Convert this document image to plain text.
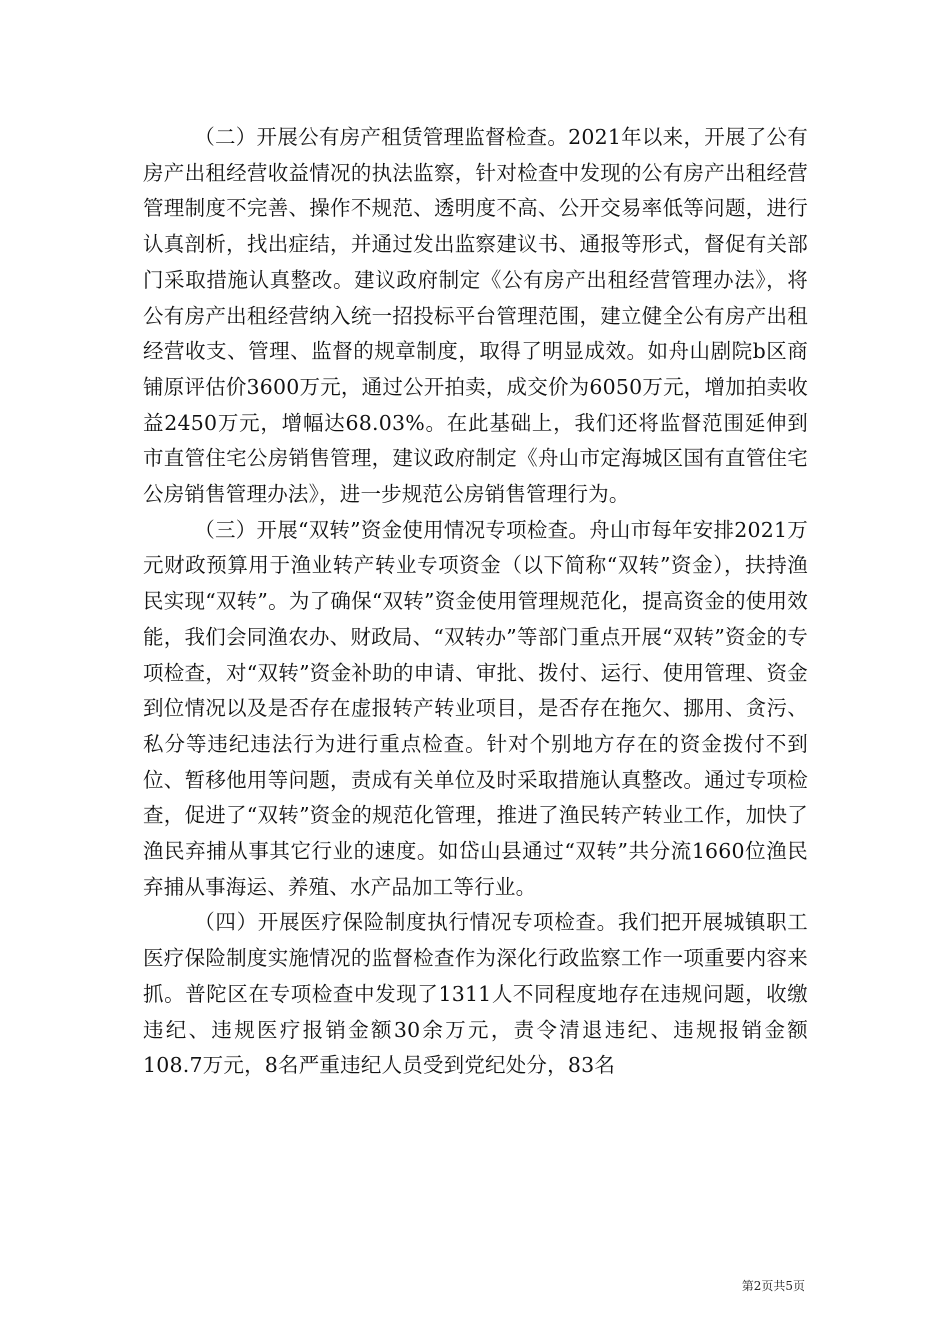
（二）开展公有房产租赁管理监督检查。2021年以来，开展了公有房产出租经营收益情况的执法监察，针对检查中发现的公有房产出租经营管理制度不完善、操作不规范、透明度不高、公开交易率低等问题，进行认真剖析，找出症结，并通过发出监察建议书、通报等形式，督促有关部门采取措施认真整改。建议政府制定《公有房产出租经营管理办法》，将公有房产出租经营纳入统一招投标平台管理范围，建立健全公有房产出租经营收支、管理、监督的规章制度，取得了明显成效。如舟山剧院b区商铺原评估价3600万元，通过公开拍卖，成交价为6050万元，增加拍卖收益2450万元，增幅达68.03%。在此基础上，我们还将监督范围延伸到市直管住宅公房销售管理，建议政府制定《舟山市定海城区国有直管住宅公房销售管理办法》，进一步规范公房销售管理行为。

（三）开展“双转”资金使用情况专项检查。舟山市每年安排2021万元财政预算用于渔业转产转业专项资金（以下简称“双转”资金），扶持渔民实现“双转”。为了确保“双转”资金使用管理规范化，提高资金的使用效能，我们会同渔农办、财政局、“双转办”等部门重点开展“双转”资金的专项检查，对“双转”资金补助的申请、审批、拨付、运行、使用管理、资金到位情况以及是否存在虚报转产转业项目，是否存在拖欠、挪用、贪污、私分等违纪违法行为进行重点检查。针对个别地方存在的资金拨付不到位、暂移他用等问题，责成有关单位及时采取措施认真整改。通过专项检查，促进了“双转”资金的规范化管理，推进了渔民转产转业工作，加快了渔民弃捕从事其它行业的速度。如岱山县通过“双转”共分流1660位渔民弃捕从事海运、养殖、水产品加工等行业。

（四）开展医疗保险制度执行情况专项检查。我们把开展城镇职工医疗保险制度实施情况的监督检查作为深化行政监察工作一项重要内容来抓。普陀区在专项检查中发现了1311人不同程度地存在违规问题，收缴违纪、违规医疗报销金额30余万元，责令清退违纪、违规报销金额108.7万元，8名严重违纪人员受到党纪处分，83名

第2页共5页
